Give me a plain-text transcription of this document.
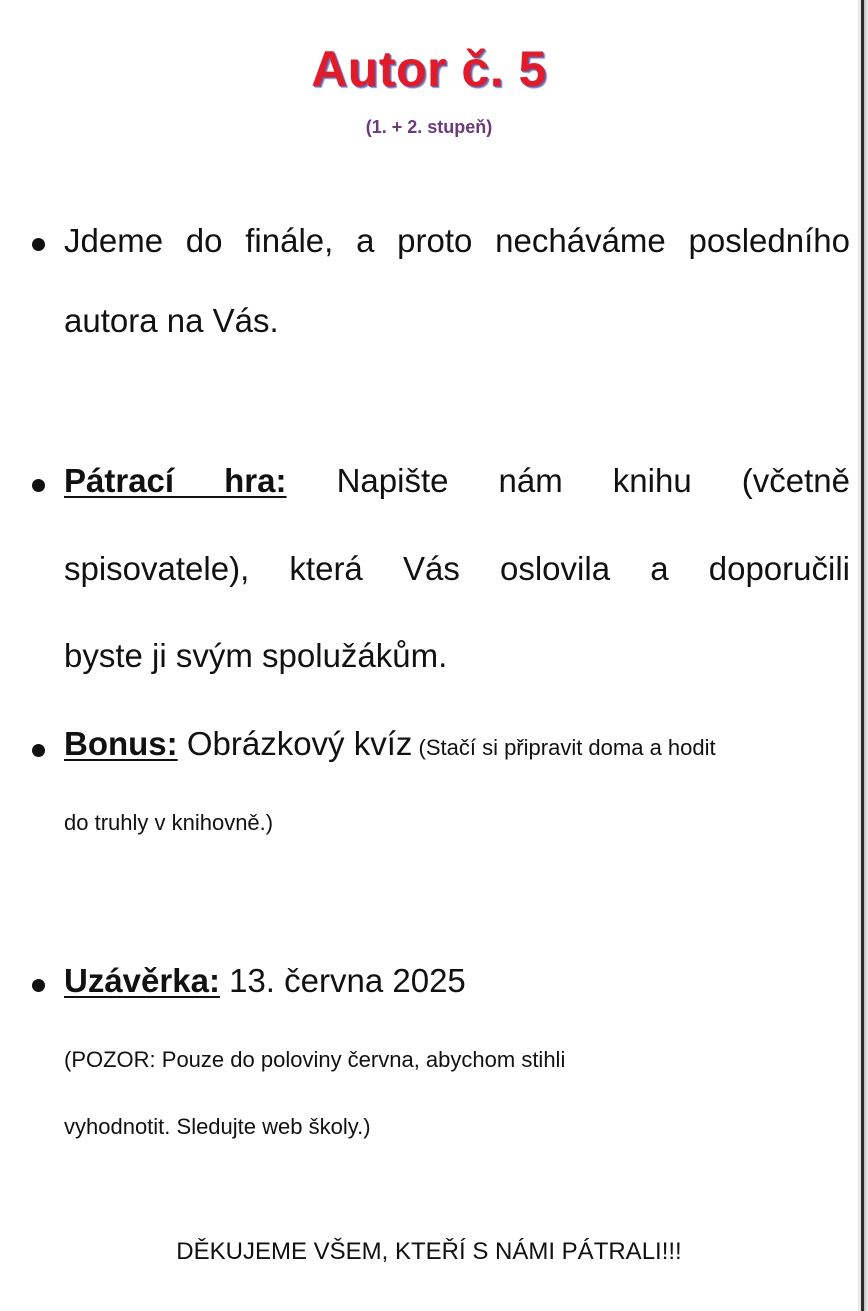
Autor č. 5
(1. + 2. stupeň)
Jdeme do finále, a proto necháváme posledního
autora na Vás.
Pátrací hra: Napište nám knihu (včetně
spisovatele), která Vás oslovila a doporučili
byste ji svým spolužákům.
Bonus: Obrázkový kvíz (Stačí si připravit doma a hodit
do truhly v knihovně.)
Uzávěrka: 13. června 2025
(POZOR: Pouze do poloviny června, abychom stihli
vyhodnotit. Sledujte web školy.)
DĚKUJEME VŠEM, KTEŘÍ S NÁMI PÁTRALI!!!
